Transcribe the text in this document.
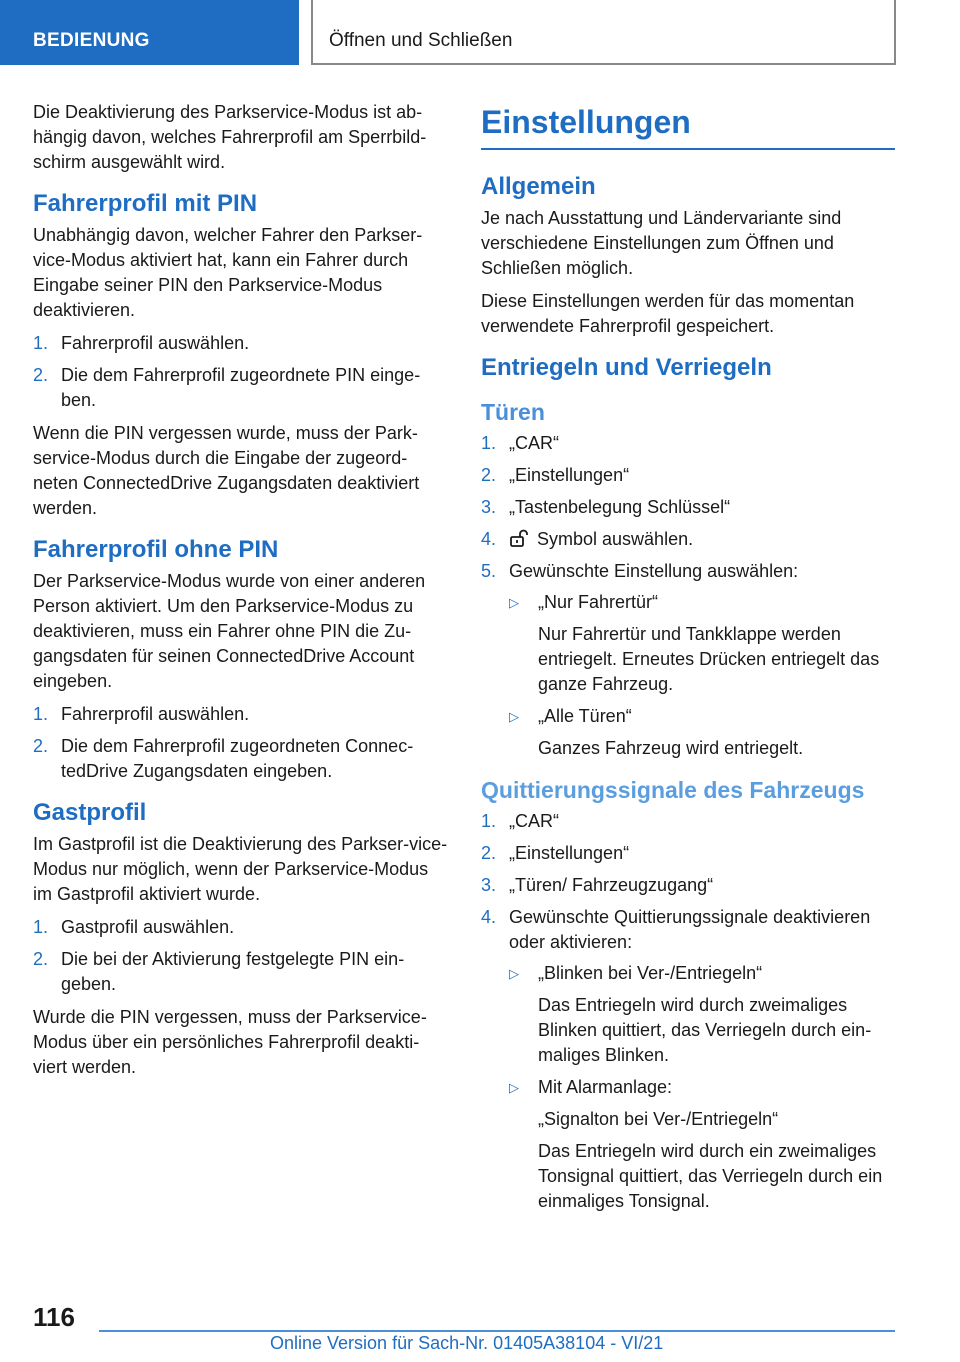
BEDIENUNG	Öffnen und Schließen

Die Deaktivierung des Parkservice-Modus ist ab-hängig davon, welches Fahrerprofil am Sperrbild-schirm ausgewählt wird.

Fahrerprofil mit PIN

Unabhängig davon, welcher Fahrer den Parkser-vice-Modus aktiviert hat, kann ein Fahrer durch Eingabe seiner PIN den Parkservice-Modus deaktivieren.

1. Fahrerprofil auswählen.
2. Die dem Fahrerprofil zugeordnete PIN einge-ben.

Wenn die PIN vergessen wurde, muss der Park-service-Modus durch die Eingabe der zugeord-neten ConnectedDrive Zugangsdaten deaktiviert werden.

Fahrerprofil ohne PIN

Der Parkservice-Modus wurde von einer anderen Person aktiviert. Um den Parkservice-Modus zu deaktivieren, muss ein Fahrer ohne PIN die Zu-gangsdaten für seinen ConnectedDrive Account eingeben.

1. Fahrerprofil auswählen.
2. Die dem Fahrerprofil zugeordneten Connec-tedDrive Zugangsdaten eingeben.
Gastprofil

Im Gastprofil ist die Deaktivierung des Parkser-vice-Modus nur möglich, wenn der Parkservice-Modus im Gastprofil aktiviert wurde.

1. Gastprofil auswählen.
2. Die bei der Aktivierung festgelegte PIN ein-geben.

Wurde die PIN vergessen, muss der Parkservice-Modus über ein persönliches Fahrerprofil deakti-viert werden.

Einstellungen
Allgemein

Je nach Ausstattung und Ländervariante sind verschiedene Einstellungen zum Öffnen und Schließen möglich.

Diese Einstellungen werden für das momentan verwendete Fahrerprofil gespeichert.

Entriegeln und Verriegeln
Türen
1. „CAR“
2. „Einstellungen“
3. „Tastenbelegung Schlüssel“
4. Symbol auswählen.
5. Gewünschte Einstellung auswählen:
▷ „Nur Fahrertür“
Nur Fahrertür und Tankklappe werden entriegelt. Erneutes Drücken entriegelt das ganze Fahrzeug.
▷ „Alle Türen“
Ganzes Fahrzeug wird entriegelt.
Quittierungssignale des Fahrzeugs
1. „CAR“
2. „Einstellungen“
3. „Türen/ Fahrzeugzugang“
4. Gewünschte Quittierungssignale deaktivieren oder aktivieren:
▷ „Blinken bei Ver-/Entriegeln“
Das Entriegeln wird durch zweimaliges Blinken quittiert, das Verriegeln durch ein-maliges Blinken.
▷ Mit Alarmanlage:
„Signalton bei Ver-/Entriegeln“
Das Entriegeln wird durch ein zweimaliges Tonsignal quittiert, das Verriegeln durch ein einmaliges Tonsignal.
116
Online Version für Sach-Nr. 01405A38104 - VI/21
